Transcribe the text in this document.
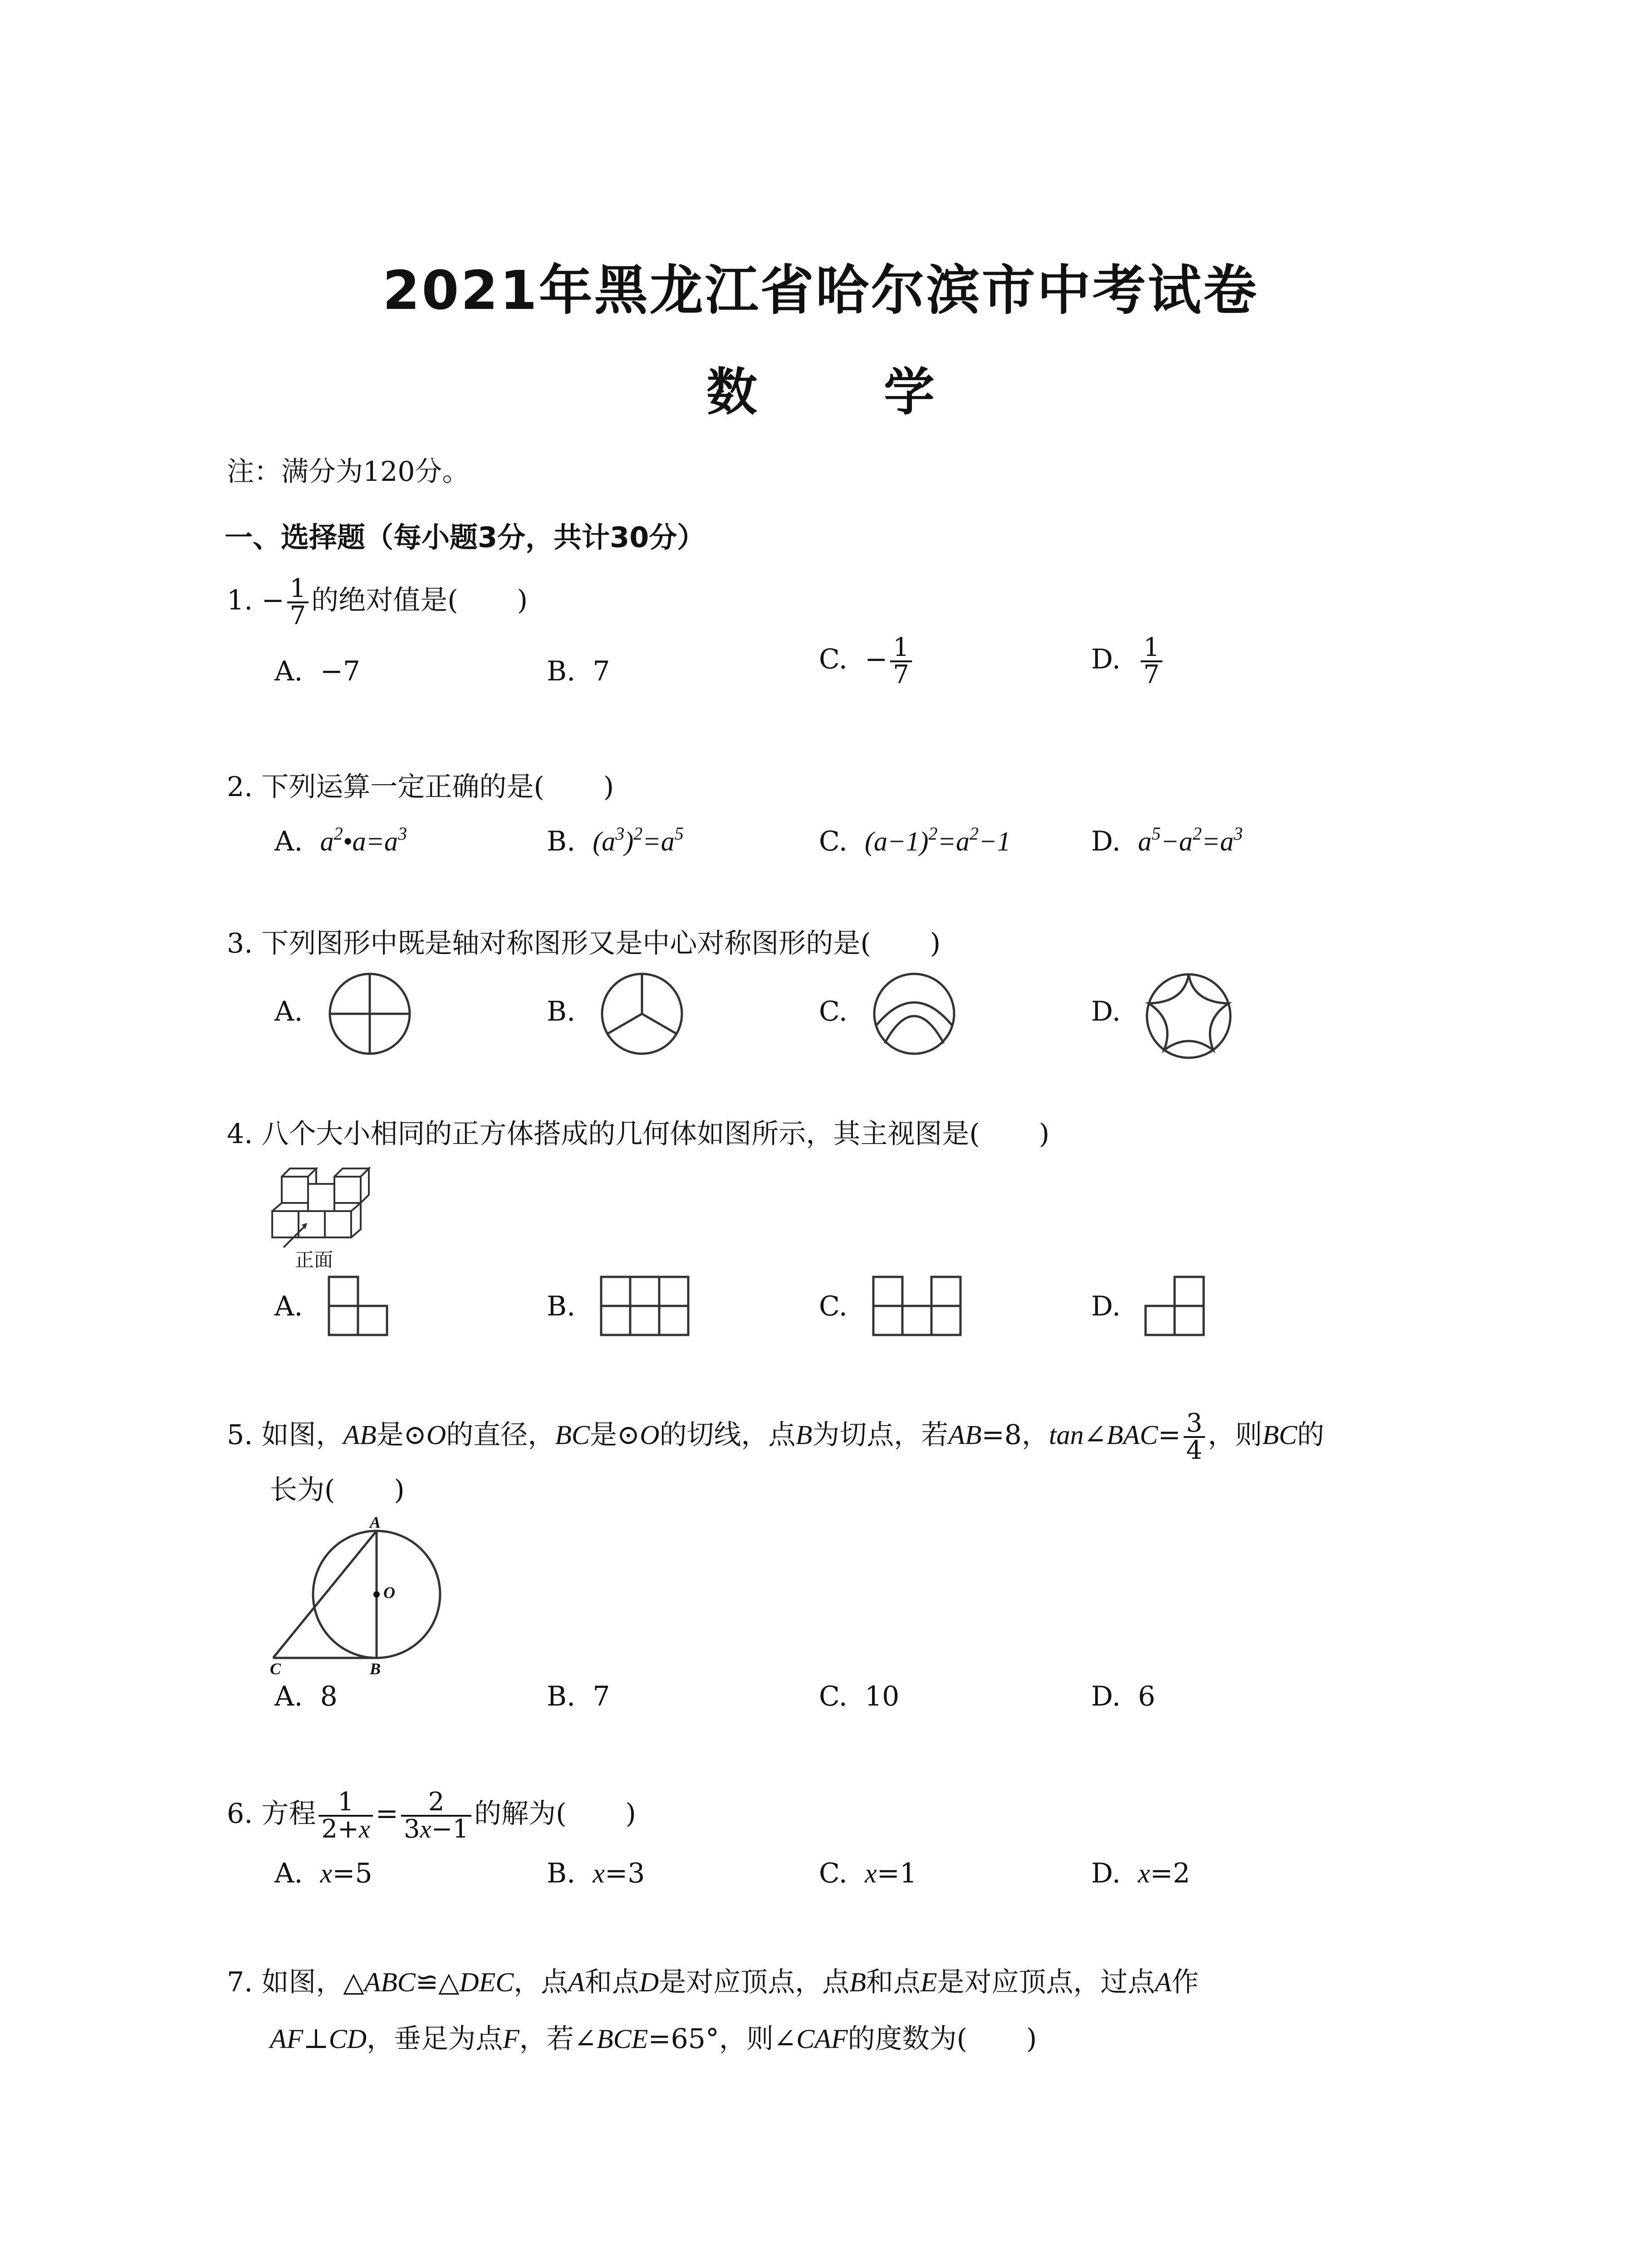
2021年黑龙江省哈尔滨市中考试卷
数 学
注：满分为120分。
一、选择题（每小题3分，共计30分）
1. − $\frac{1}{7}$ 的绝对值是( )
A. −7	B. 7	C. − $\frac{1}{7}$	D. $\frac{1}{7}$
2. 下列运算一定正确的是( )
A. $a^2•a=a^3$	B. $(a^3)^2=a^5$	C. $(a-1)^2=a^2-1$	D. $a^5-a^2=a^3$
3. 下列图形中既是轴对称图形又是中心对称图形的是( )
A.	B.	C.	D.
4. 八个大小相同的正方体搭成的几何体如图所示，其主视图是( )
正面
A.	B.	C.	D.
5. 如图，AB是⊙O的直径，BC是⊙O的切线，点B为切点，若AB=8，tan∠BAC= $\frac{3}{4}$ ，则BC的
长为( )
A
O
B
C
A. 8	B. 7	C. 10	D. 6
6. 方程 $\frac{1}{2+x} = \frac{2}{3x-1}$ 的解为( )
A. x=5	B. x=3	C. x=1	D. x=2
7. 如图，△ABC≌△DEC，点A和点D是对应顶点，点B和点E是对应顶点，过点A作
AF⊥CD，垂足为点F，若∠BCE=65°，则∠CAF的度数为( )
